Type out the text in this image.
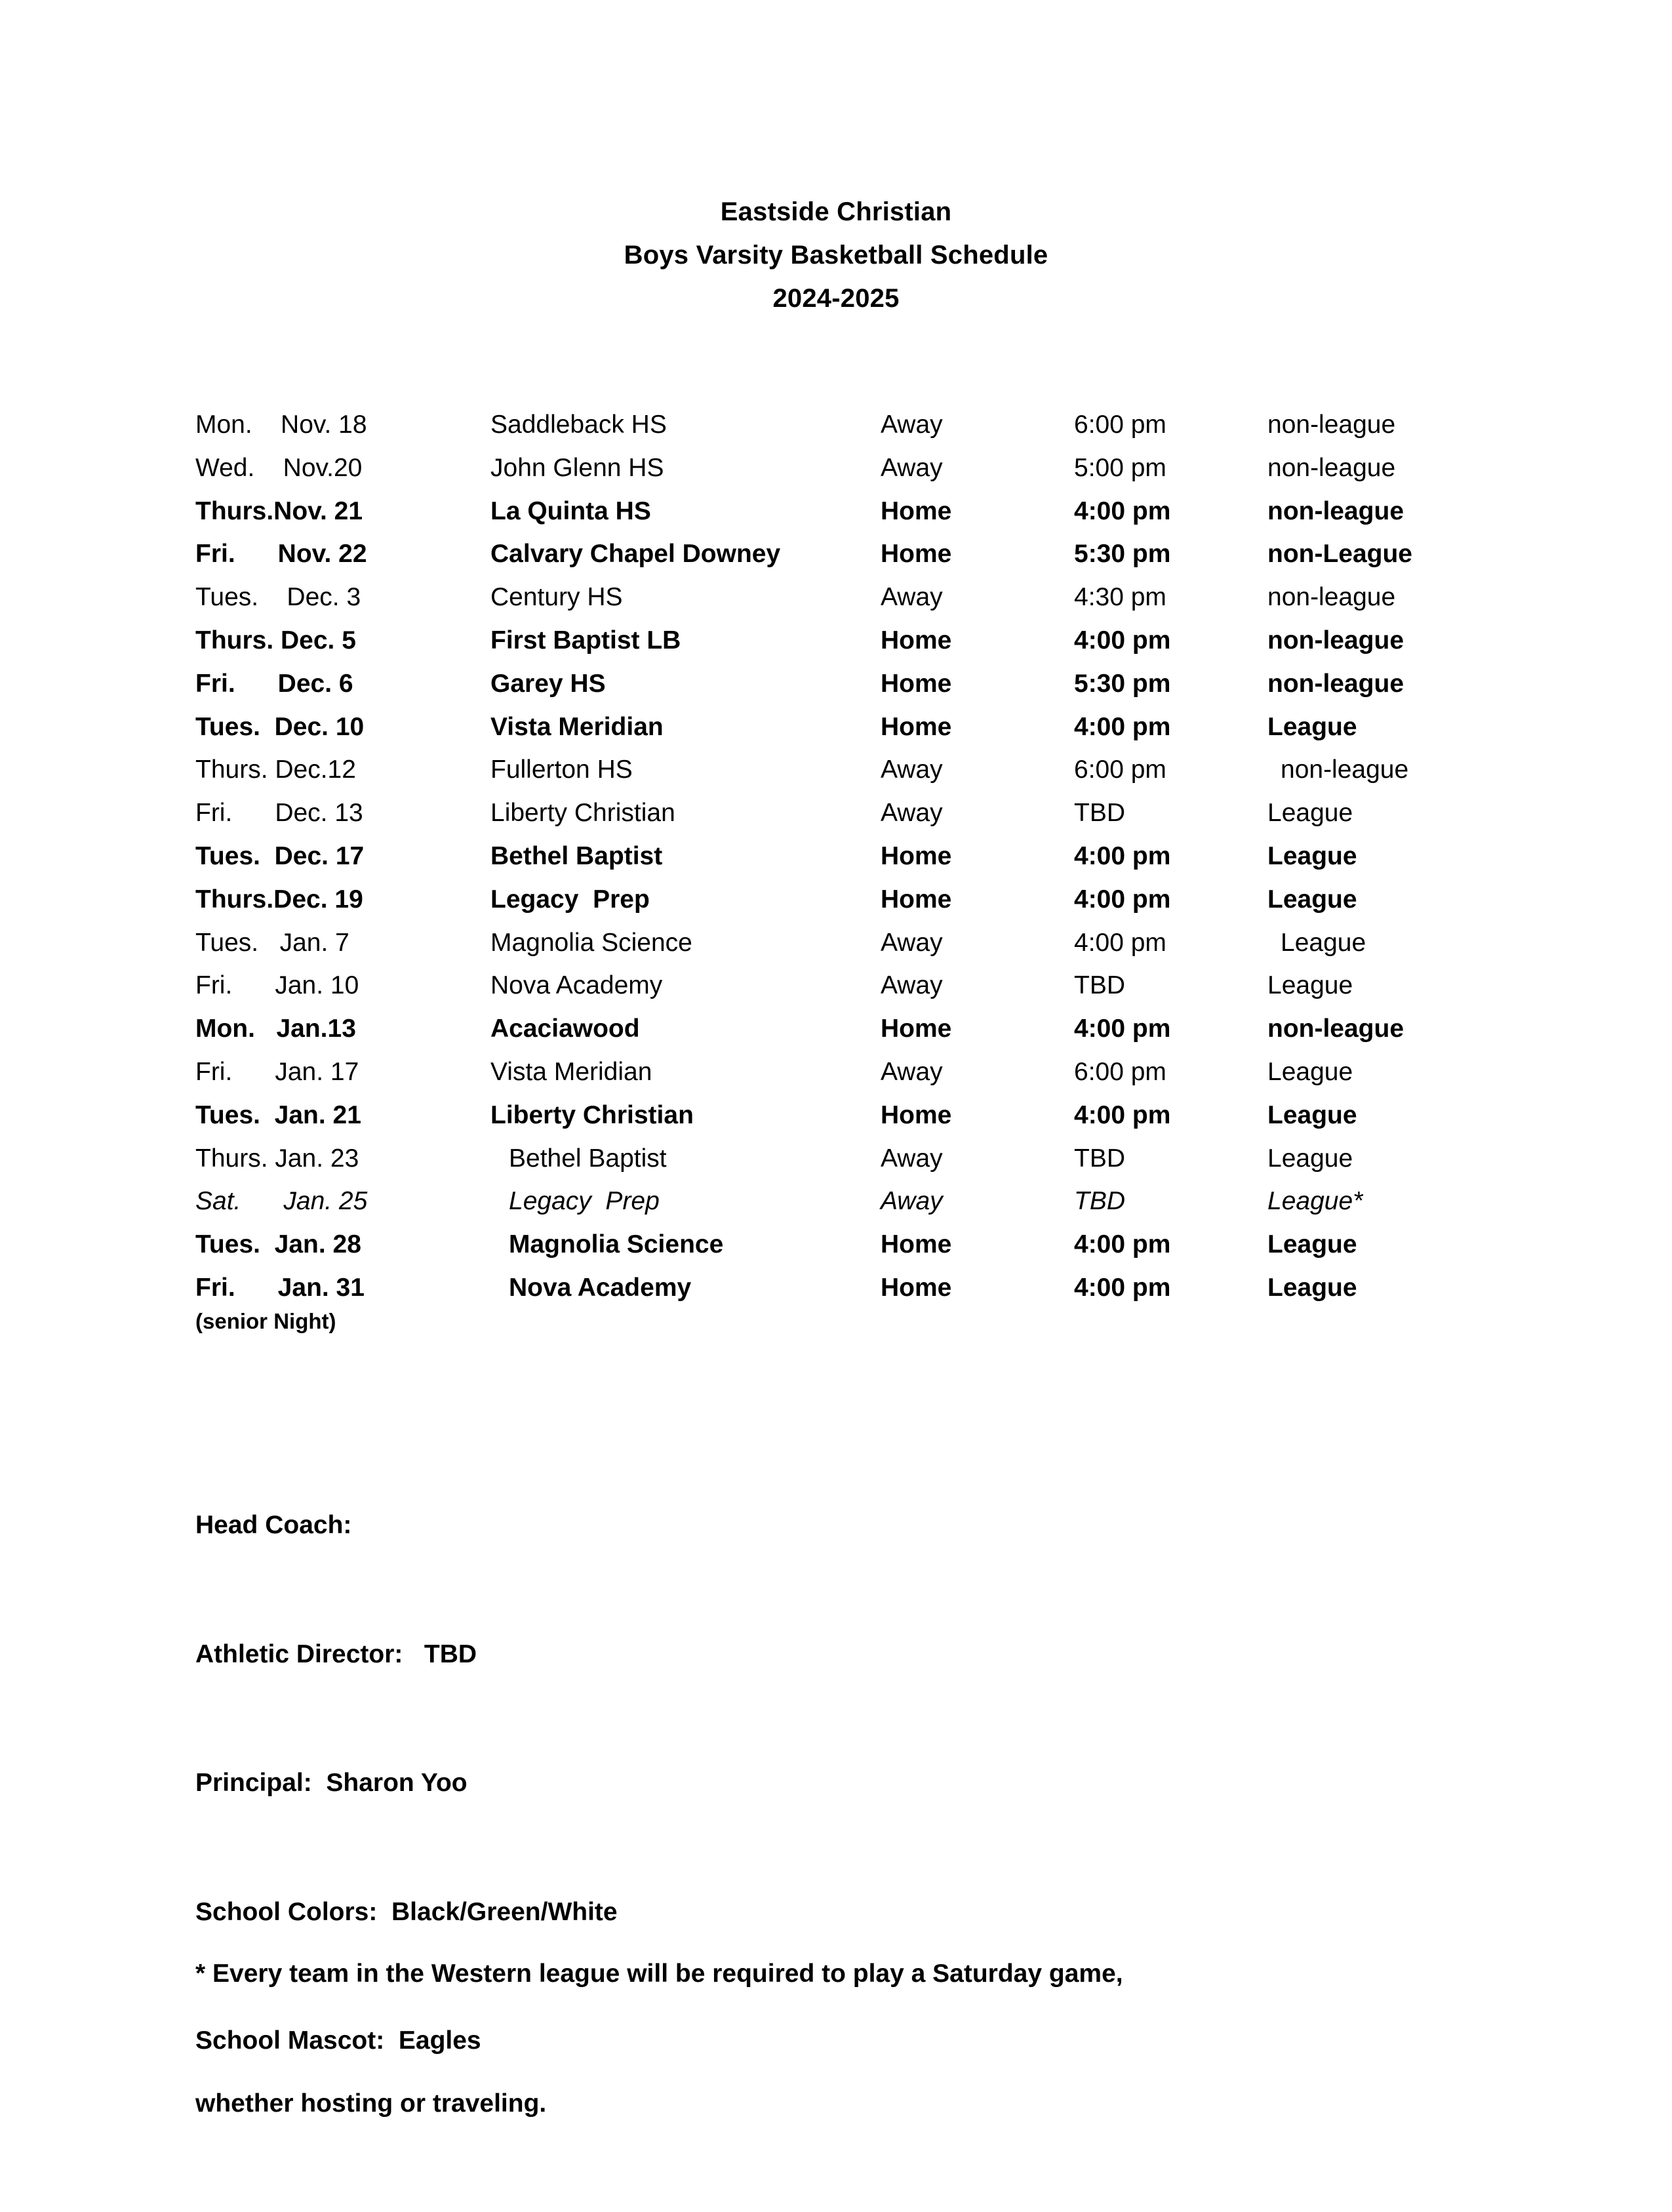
Eastside Christian
Boys Varsity Basketball Schedule
2024-2025
Mon.    Nov. 18	Saddleback HS	Away	6:00 pm	non-league
Wed.    Nov.20	John Glenn HS	Away	5:00 pm	non-league
Thurs.Nov. 21	La Quinta HS	Home	4:00 pm	non-league
Fri.      Nov. 22	Calvary Chapel Downey	Home	5:30 pm	non-League
Tues.    Dec. 3	Century HS	Away	4:30 pm	non-league
Thurs. Dec. 5	First Baptist LB	Home	4:00 pm	non-league
Fri.      Dec. 6	Garey HS	Home	5:30 pm	non-league
Tues.  Dec. 10	Vista Meridian	Home	4:00 pm	League
Thurs. Dec.12	Fullerton HS	Away	6:00 pm	non-league
Fri.      Dec. 13	Liberty Christian	Away	TBD	League
Tues.  Dec. 17	Bethel Baptist	Home	4:00 pm	League
Thurs.Dec. 19	Legacy  Prep	Home	4:00 pm	League
Tues.   Jan. 7	Magnolia Science	Away	4:00 pm	League
Fri.      Jan. 10	Nova Academy	Away	TBD	League
Mon.   Jan.13	Acaciawood	Home	4:00 pm	non-league
Fri.      Jan. 17	Vista Meridian	Away	6:00 pm	League
Tues.  Jan. 21	Liberty Christian	Home	4:00 pm	League
Thurs. Jan. 23	Bethel Baptist	Away	TBD	League
Sat.      Jan. 25	Legacy  Prep	Away	TBD	League*
Tues.  Jan. 28	Magnolia Science	Home	4:00 pm	League
Fri.      Jan. 31	Nova Academy	Home	4:00 pm	League
(senior Night)

Head Coach:

Athletic Director:   TBD

Principal:  Sharon Yoo

School Colors:  Black/Green/White

School Mascot:  Eagles

* Every team in the Western league will be required to play a Saturday game,

whether hosting or traveling.
